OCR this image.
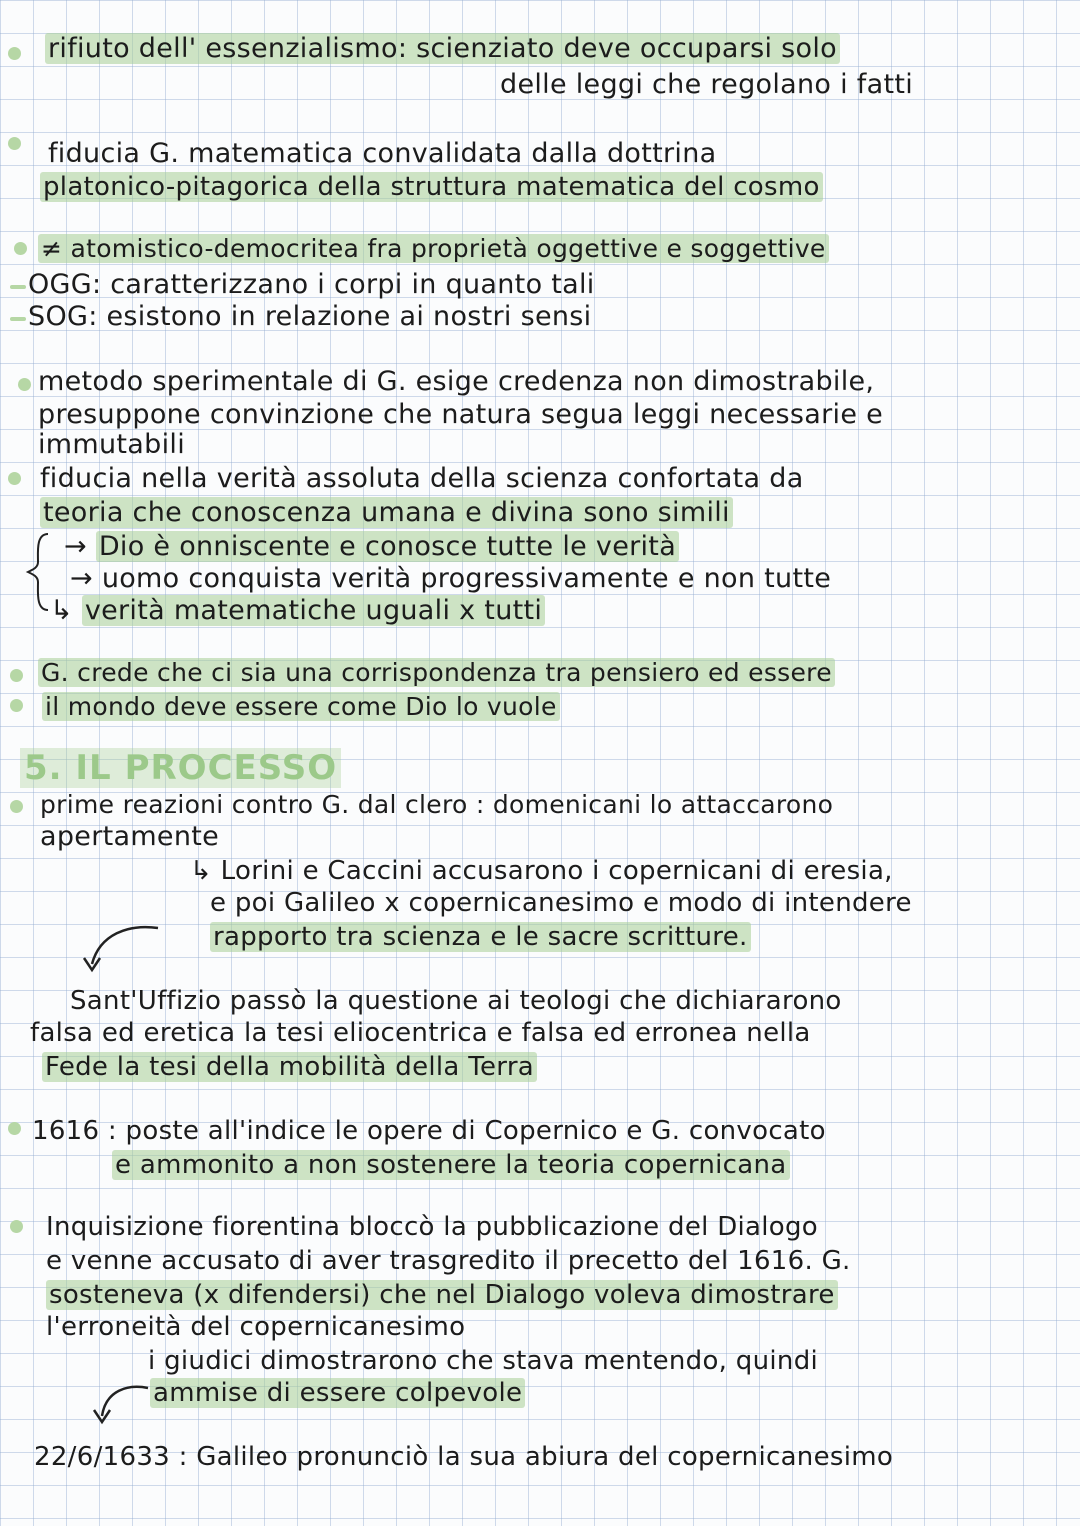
rifiuto dell' essenzialismo: scienziato deve occuparsi solo
delle leggi che regolano i fatti
fiducia G. matematica convalidata dalla dottrina
platonico-pitagorica della struttura matematica del cosmo
≠ atomistico-democritea fra proprietà oggettive e soggettive
OGG: caratterizzano i corpi in quanto tali
SOG: esistono in relazione ai nostri sensi
metodo sperimentale di G. esige credenza non dimostrabile,
presuppone convinzione che natura segua leggi necessarie e
immutabili
fiducia nella verità assoluta della scienza confortata da
teoria che conoscenza umana e divina sono simili
→ Dio è onniscente e conosce tutte le verità
→ uomo conquista verità progressivamente e non tutte
↳ verità matematiche uguali x tutti
G. crede che ci sia una corrispondenza tra pensiero ed essere
il mondo deve essere come Dio lo vuole
5. IL PROCESSO
prime reazioni contro G. dal clero : domenicani lo attaccarono
apertamente
↳ Lorini e Caccini accusarono i copernicani di eresia,
e poi Galileo x copernicanesimo e modo di intendere
rapporto tra scienza e le sacre scritture.
Sant'Uffizio passò la questione ai teologi che dichiararono
falsa ed eretica la tesi eliocentrica e falsa ed erronea nella
Fede la tesi della mobilità della Terra
1616 : poste all'indice le opere di Copernico e G. convocato
e ammonito a non sostenere la teoria copernicana
Inquisizione fiorentina bloccò la pubblicazione del Dialogo
e venne accusato di aver trasgredito il precetto del 1616. G.
sosteneva (x difendersi) che nel Dialogo voleva dimostrare
l'erroneità del copernicanesimo
i giudici dimostrarono che stava mentendo, quindi
ammise di essere colpevole
22/6/1633 : Galileo pronunciò la sua abiura del copernicanesimo
